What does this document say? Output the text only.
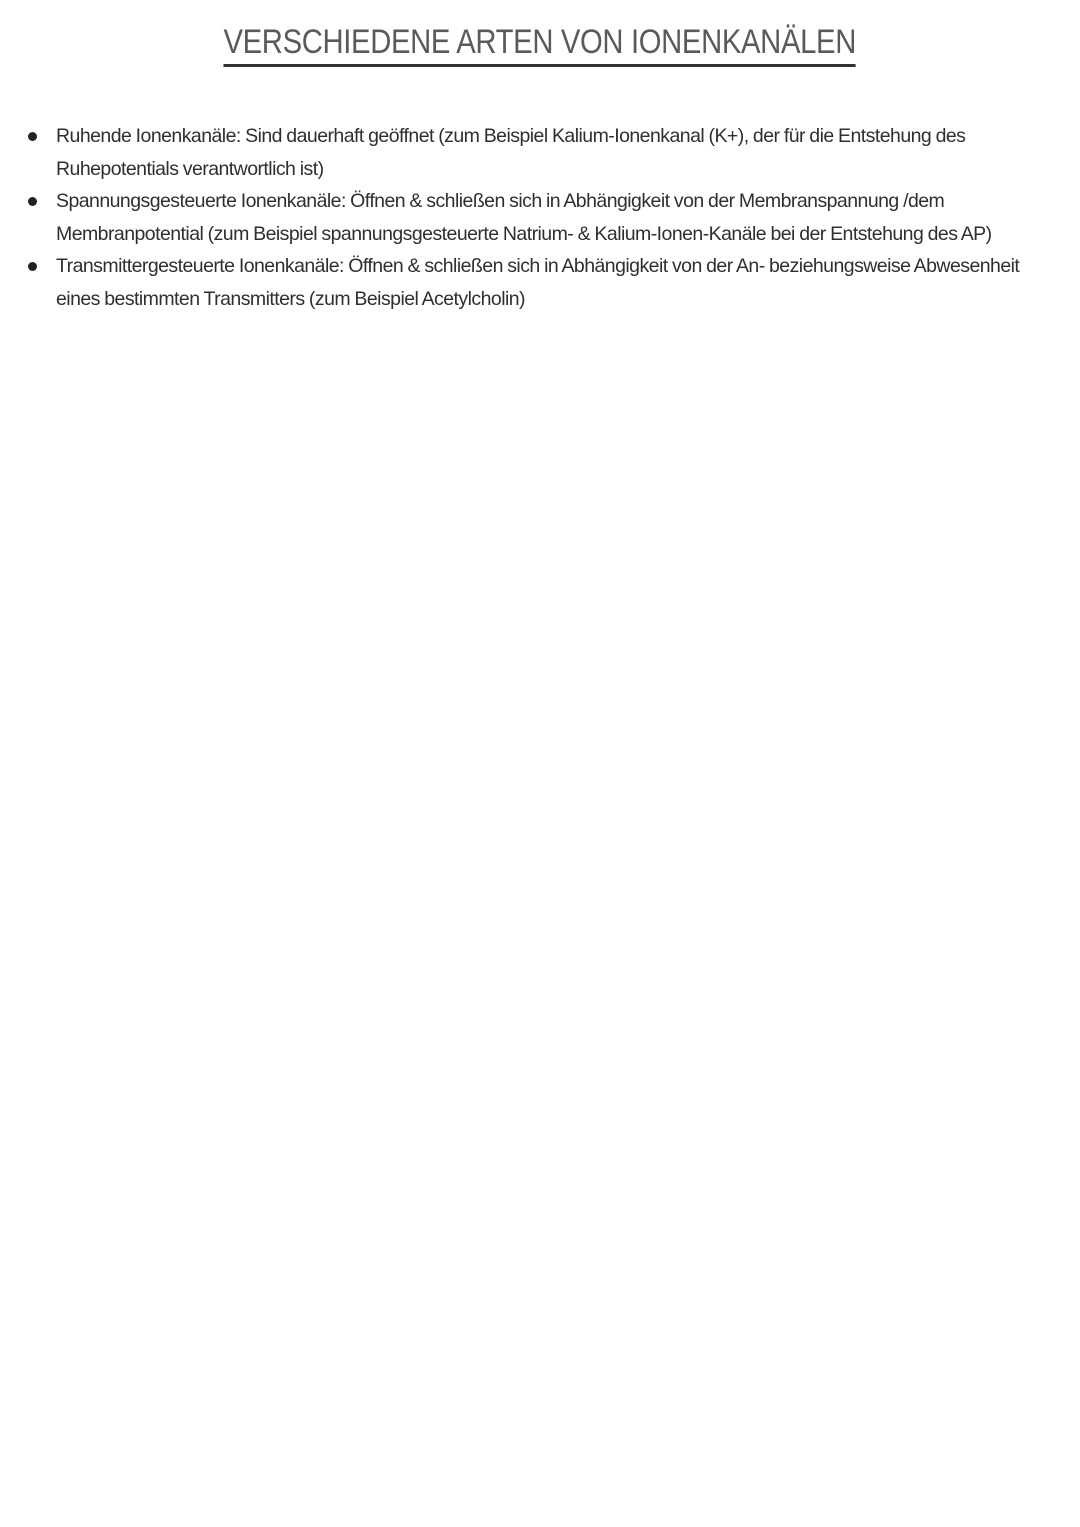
VERSCHIEDENE ARTEN VON IONENKANÄLEN
Ruhende Ionenkanäle: Sind dauerhaft geöffnet (zum Beispiel Kalium-Ionenkanal (K+), der für die Entstehung des Ruhepotentials verantwortlich ist)
Spannungsgesteuerte Ionenkanäle: Öffnen & schließen sich in Abhängigkeit von der Membranspannung /dem Membranpotential (zum Beispiel spannungsgesteuerte Natrium- & Kalium-Ionen-Kanäle bei der Entstehung des AP)
Transmittergesteuerte Ionenkanäle: Öffnen & schließen sich in Abhängigkeit von der An- beziehungsweise Abwesenheit eines bestimmten Transmitters (zum Beispiel Acetylcholin)
